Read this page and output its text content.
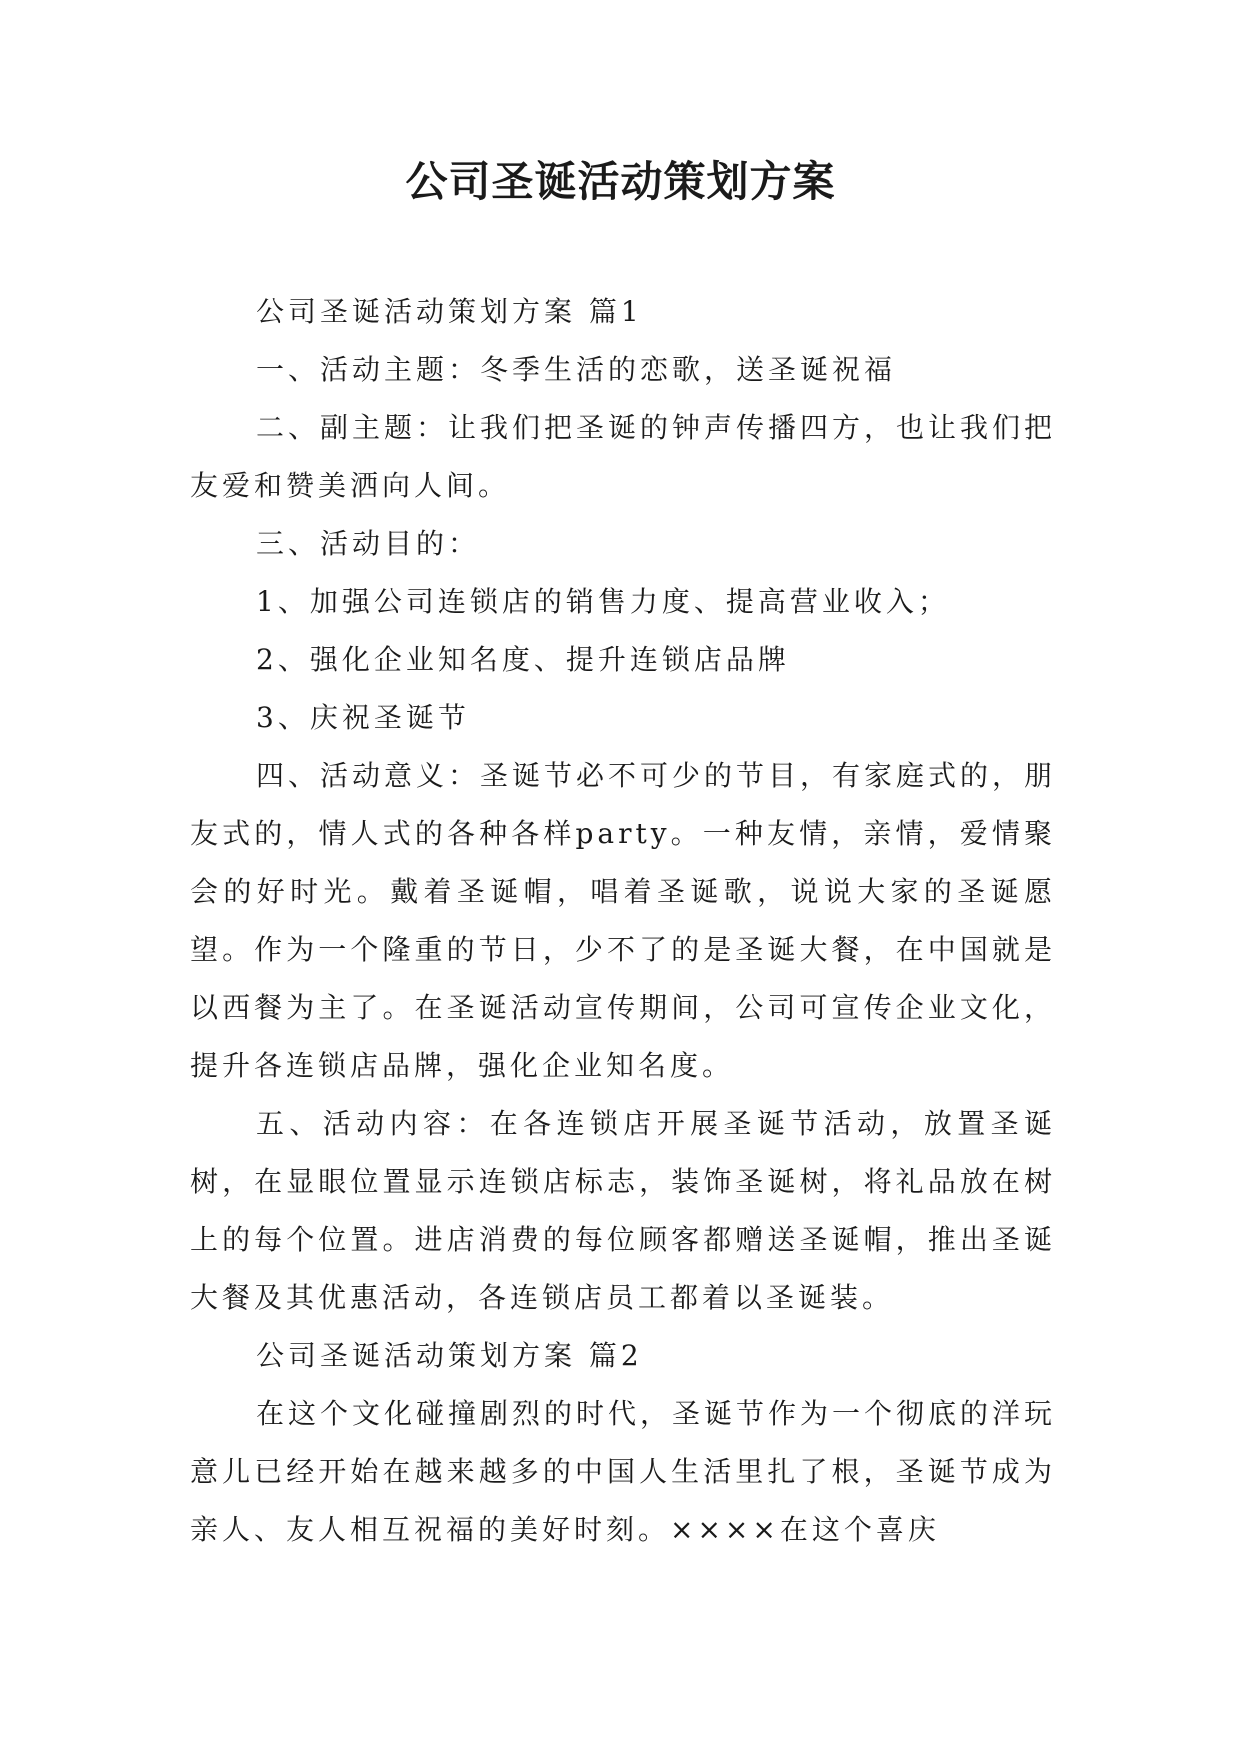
公司圣诞活动策划方案

公司圣诞活动策划方案 篇1

一、活动主题：冬季生活的恋歌，送圣诞祝福

二、副主题：让我们把圣诞的钟声传播四方，也让我们把友爱和赞美洒向人间。

三、活动目的：

1、加强公司连锁店的销售力度、提高营业收入；

2、强化企业知名度、提升连锁店品牌

3、庆祝圣诞节

四、活动意义：圣诞节必不可少的节目，有家庭式的，朋友式的，情人式的各种各样party。一种友情，亲情，爱情聚会的好时光。戴着圣诞帽，唱着圣诞歌，说说大家的圣诞愿望。作为一个隆重的节日，少不了的是圣诞大餐，在中国就是以西餐为主了。在圣诞活动宣传期间，公司可宣传企业文化，提升各连锁店品牌，强化企业知名度。

五、活动内容：在各连锁店开展圣诞节活动，放置圣诞树，在显眼位置显示连锁店标志，装饰圣诞树，将礼品放在树上的每个位置。进店消费的每位顾客都赠送圣诞帽，推出圣诞大餐及其优惠活动，各连锁店员工都着以圣诞装。

公司圣诞活动策划方案 篇2

在这个文化碰撞剧烈的时代，圣诞节作为一个彻底的洋玩意儿已经开始在越来越多的中国人生活里扎了根，圣诞节成为亲人、友人相互祝福的美好时刻。××××在这个喜庆
